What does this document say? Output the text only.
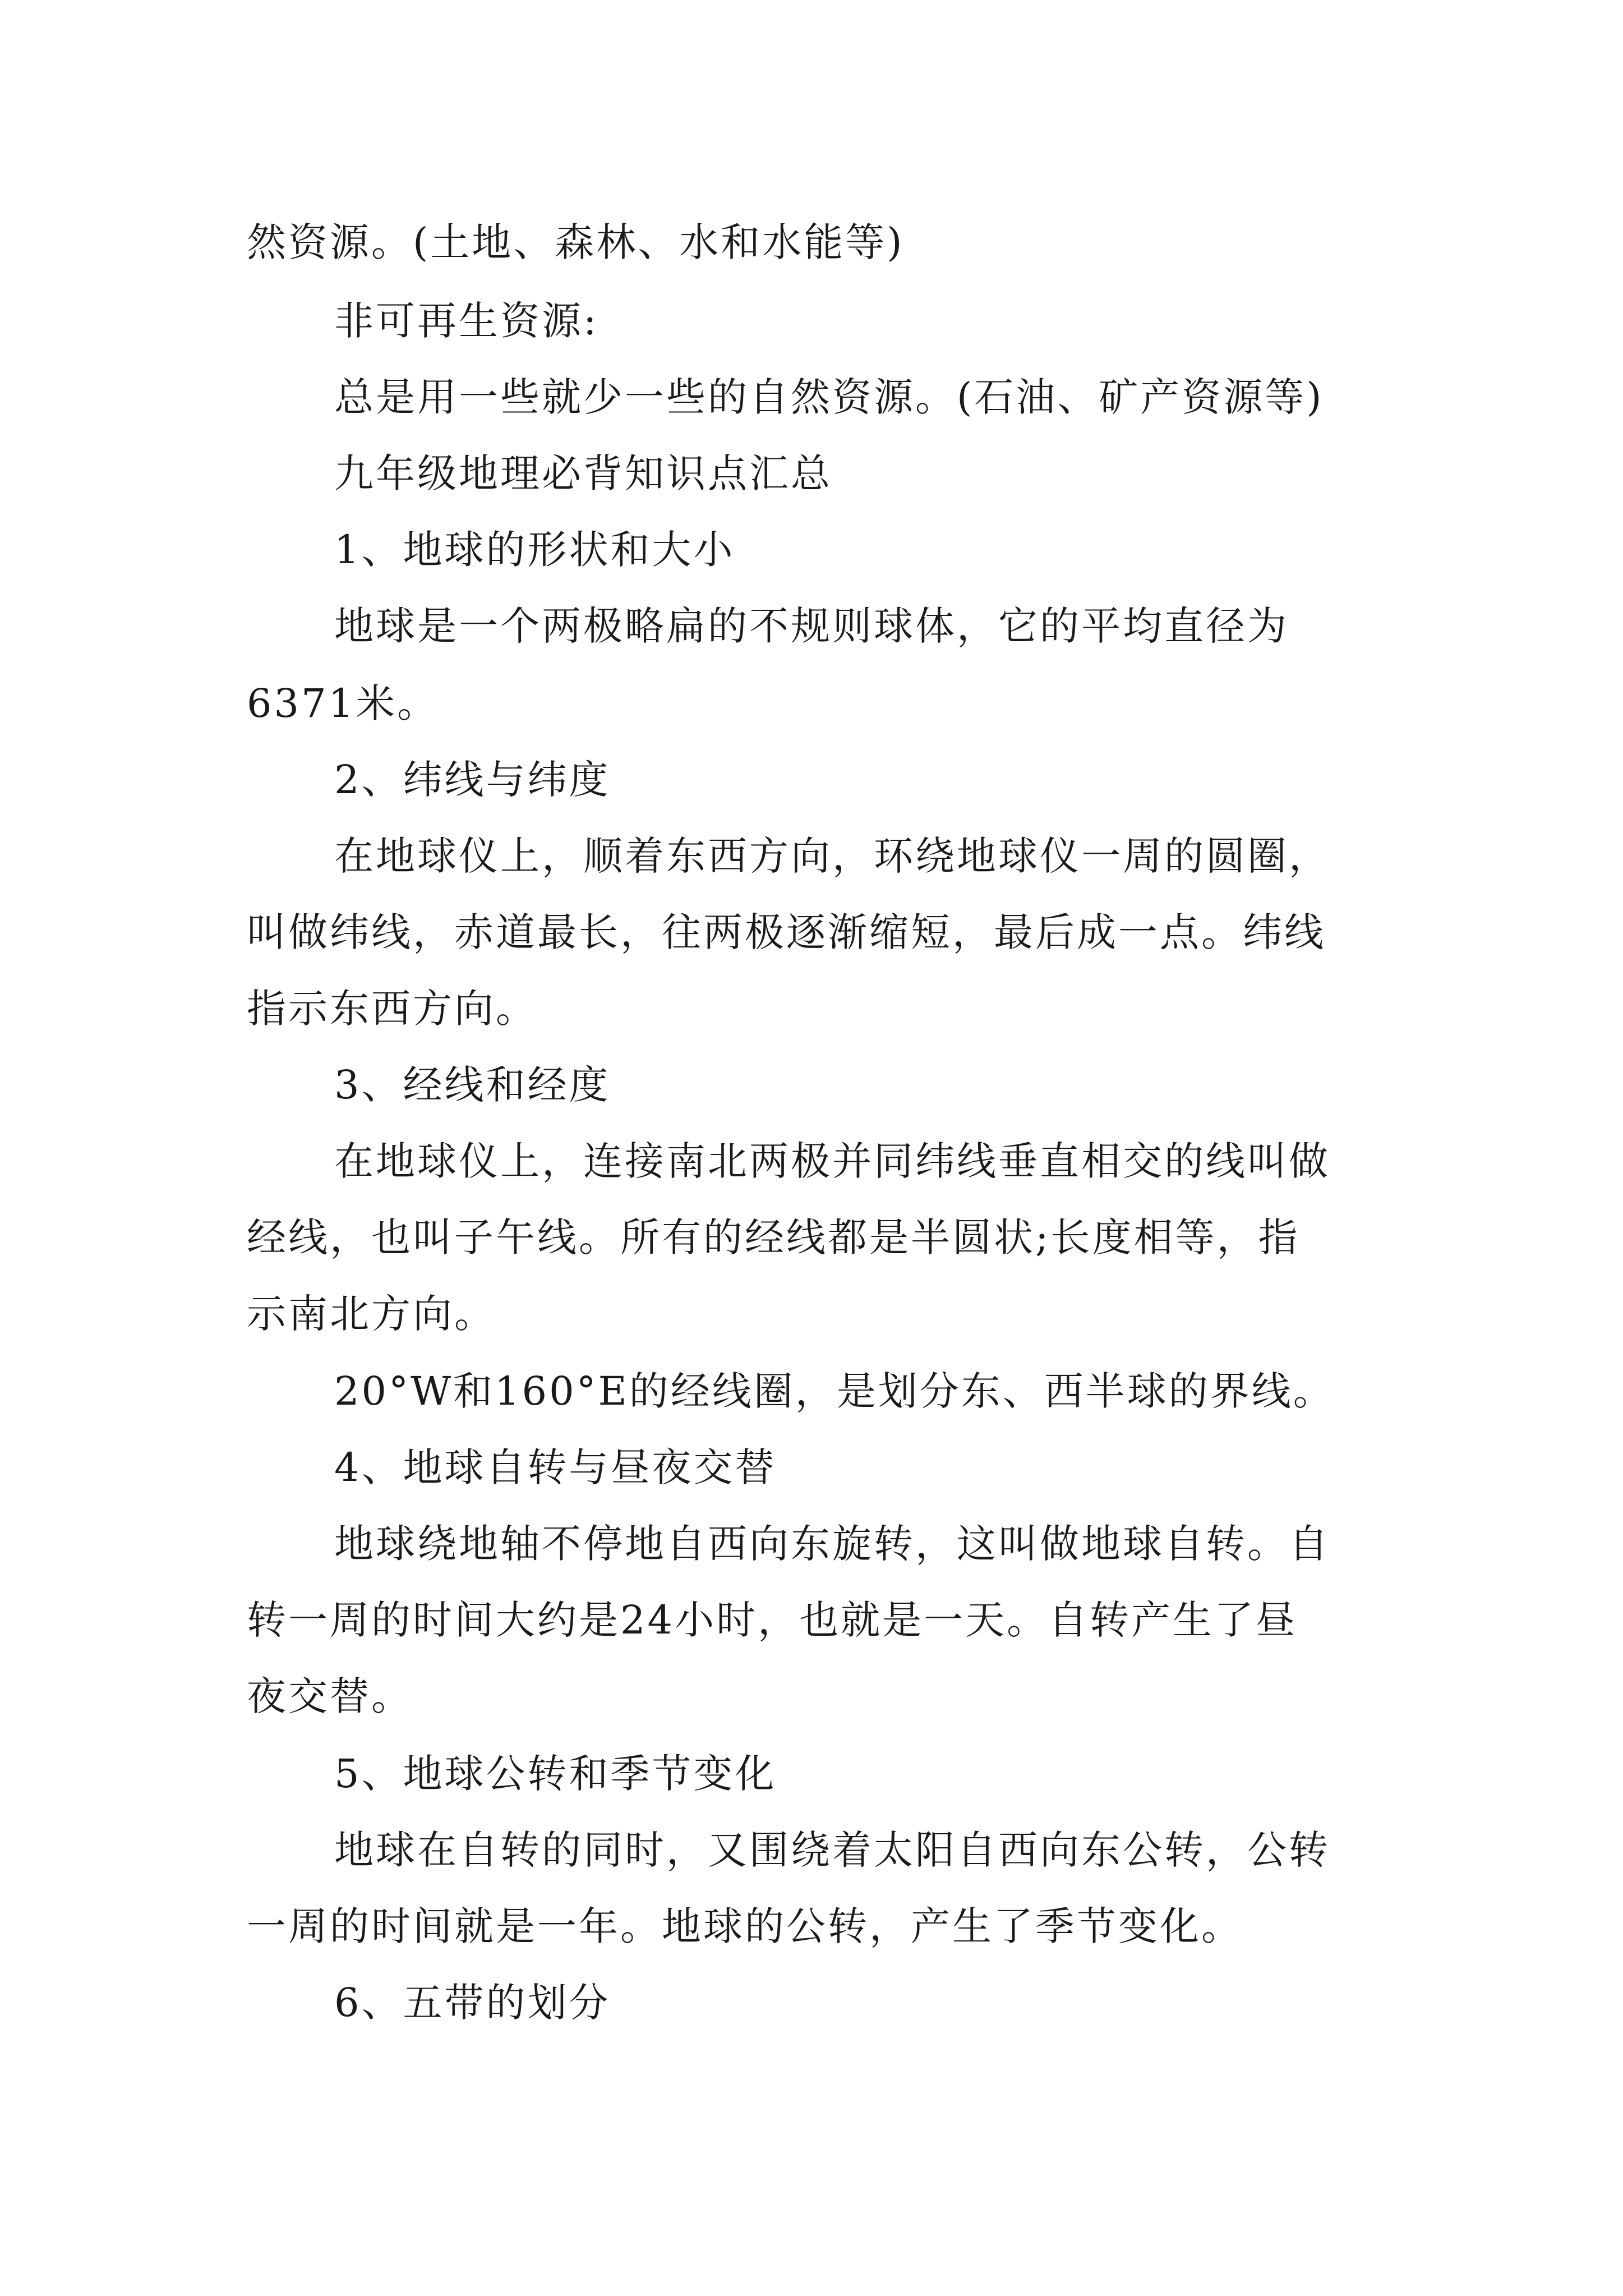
然资源。(土地、森林、水和水能等)
非可再生资源:
总是用一些就少一些的自然资源。(石油、矿产资源等)
九年级地理必背知识点汇总
1、地球的形状和大小
地球是一个两极略扁的不规则球体，它的平均直径为
6371米。
2、纬线与纬度
在地球仪上，顺着东西方向，环绕地球仪一周的圆圈，
叫做纬线，赤道最长，往两极逐渐缩短，最后成一点。纬线
指示东西方向。
3、经线和经度
在地球仪上，连接南北两极并同纬线垂直相交的线叫做
经线，也叫子午线。所有的经线都是半圆状;长度相等，指
示南北方向。
20°W和160°E的经线圈，是划分东、西半球的界线。
4、地球自转与昼夜交替
地球绕地轴不停地自西向东旋转，这叫做地球自转。自
转一周的时间大约是24小时，也就是一天。自转产生了昼
夜交替。
5、地球公转和季节变化
地球在自转的同时，又围绕着太阳自西向东公转，公转
一周的时间就是一年。地球的公转，产生了季节变化。
6、五带的划分
